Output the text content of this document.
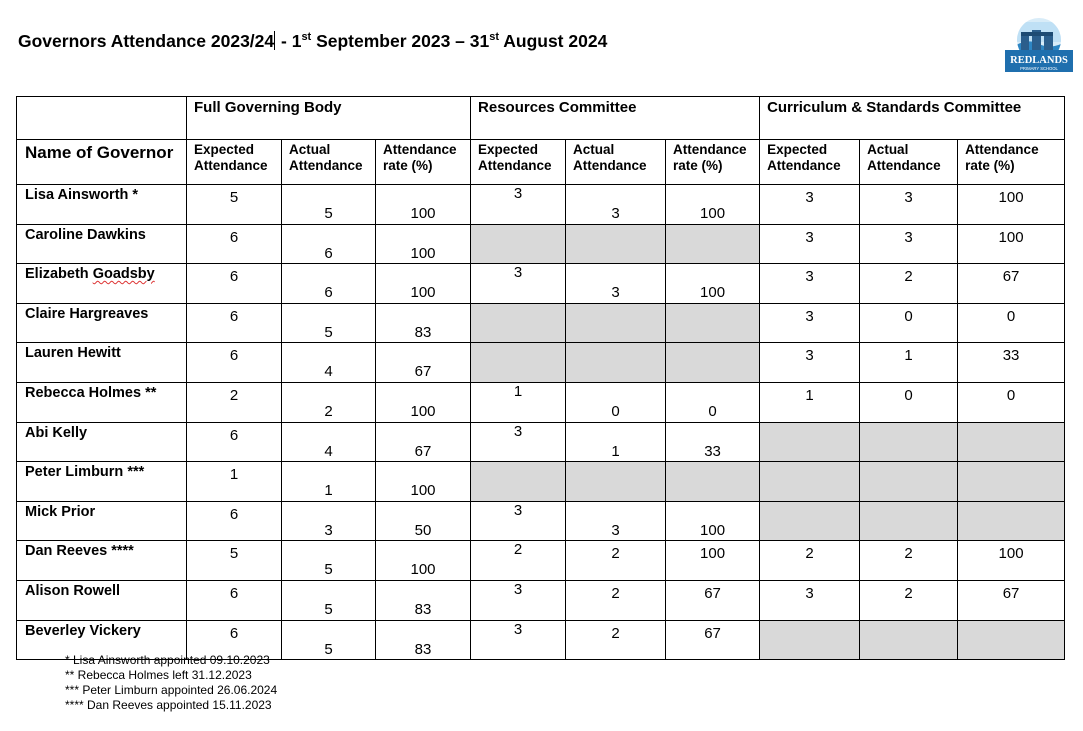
Governors Attendance 2023/24 - 1st September 2023 – 31st August 2024
REDLANDS
PRIMARY SCHOOL
	Full Governing Body			Resources Committee			Curriculum & Standards Committee		
Name of Governor	Expected Attendance	Actual Attendance	Attendance rate (%)	Expected Attendance	Actual Attendance	Attendance rate (%)	Expected Attendance	Actual Attendance	Attendance rate (%)
Lisa Ainsworth *	5	5	100	3	3	100	3	3	100

Caroline Dawkins	6	6	100				3	3	100

Elizabeth Goadsby	6	6	100	3	3	100	3	2	67

Claire Hargreaves	6	5	83				3	0	0

Lauren Hewitt	6	4	67				3	1	33

Rebecca Holmes **	2	2	100	1	0	0	1	0	0

Abi Kelly	6	4	67	3	1	33			

Peter Limburn ***	1	1	100						

Mick Prior	6	3	50	3	3	100			

Dan Reeves ****	5	5	100	2	2	100	2	2	100

Alison Rowell	6	5	83	3	2	67	3	2	67

Beverley Vickery	6	5	83	3	2	67			

* Lisa Ainsworth appointed 09.10.2023
** Rebecca Holmes left 31.12.2023
*** Peter Limburn appointed 26.06.2024
**** Dan Reeves appointed 15.11.2023
